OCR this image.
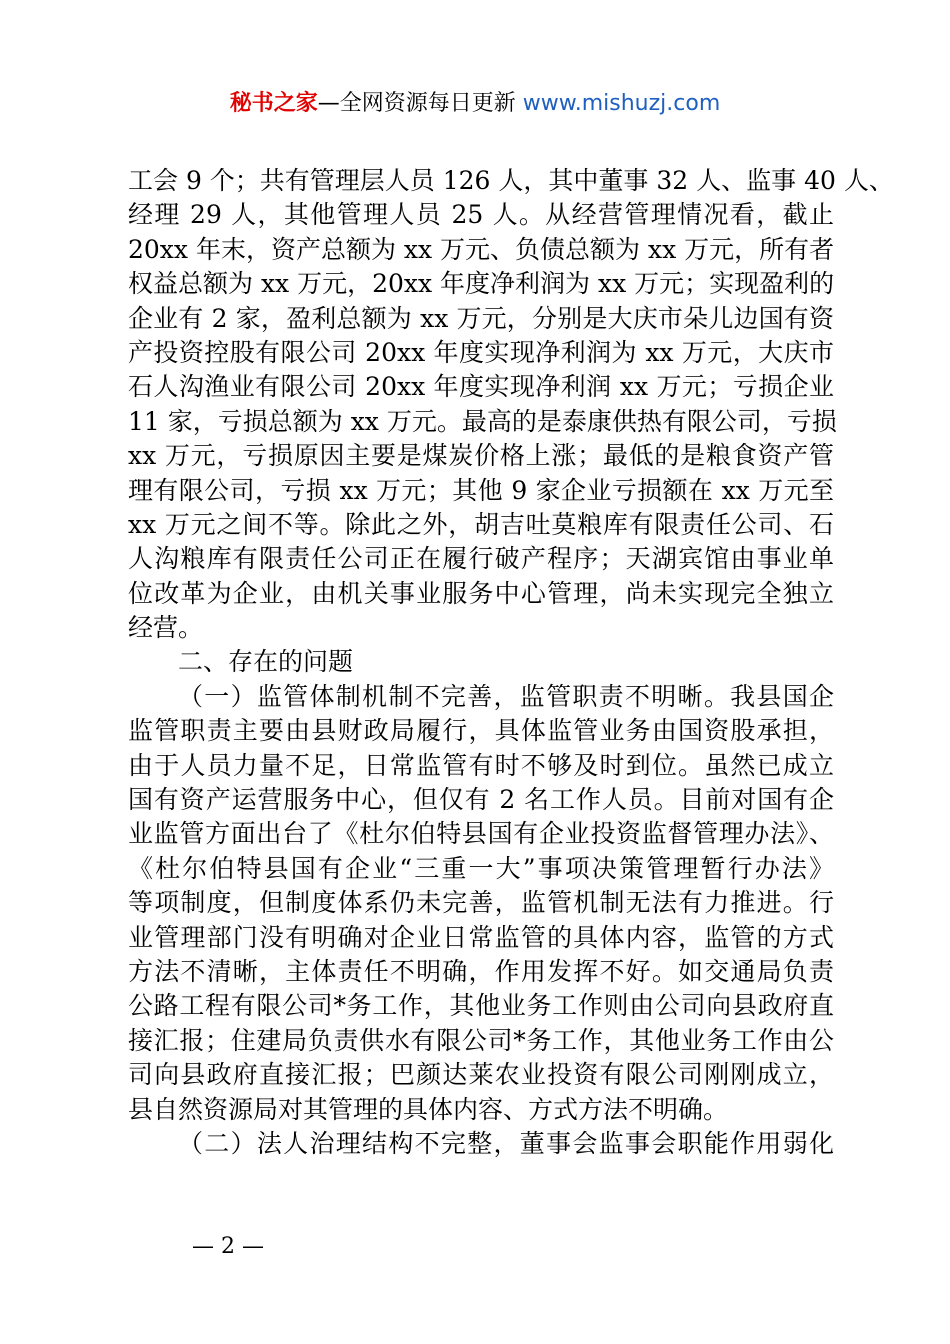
秘书之家—全网资源每日更新 www.mishuzj.com
工会 9 个；共有管理层人员 126 人，其中董事 32 人、监事 40 人、
经理 29 人，其他管理人员 25 人。从经营管理情况看，截止
20xx 年末，资产总额为 xx 万元、负债总额为 xx 万元，所有者
权益总额为 xx 万元，20xx 年度净利润为 xx 万元；实现盈利的
企业有 2 家，盈利总额为 xx 万元，分别是大庆市朵儿边国有资
产投资控股有限公司 20xx 年度实现净利润为 xx 万元，大庆市
石人沟渔业有限公司 20xx 年度实现净利润 xx 万元；亏损企业
11 家，亏损总额为 xx 万元。最高的是泰康供热有限公司，亏损
xx 万元，亏损原因主要是煤炭价格上涨；最低的是粮食资产管
理有限公司，亏损 xx 万元；其他 9 家企业亏损额在 xx 万元至
xx 万元之间不等。除此之外，胡吉吐莫粮库有限责任公司、石
人沟粮库有限责任公司正在履行破产程序；天湖宾馆由事业单
位改革为企业，由机关事业服务中心管理，尚未实现完全独立
经营。
二、存在的问题
（一）监管体制机制不完善，监管职责不明晰。我县国企
监管职责主要由县财政局履行，具体监管业务由国资股承担，
由于人员力量不足，日常监管有时不够及时到位。虽然已成立
国有资产运营服务中心，但仅有 2 名工作人员。目前对国有企
业监管方面出台了《杜尔伯特县国有企业投资监督管理办法》、
《杜尔伯特县国有企业“三重一大”事项决策管理暂行办法》
等项制度，但制度体系仍未完善，监管机制无法有力推进。行
业管理部门没有明确对企业日常监管的具体内容，监管的方式
方法不清晰，主体责任不明确，作用发挥不好。如交通局负责
公路工程有限公司*务工作，其他业务工作则由公司向县政府直
接汇报；住建局负责供水有限公司*务工作，其他业务工作由公
司向县政府直接汇报；巴颜达莱农业投资有限公司刚刚成立，
县自然资源局对其管理的具体内容、方式方法不明确。
（二）法人治理结构不完整，董事会监事会职能作用弱化
— 2 —
